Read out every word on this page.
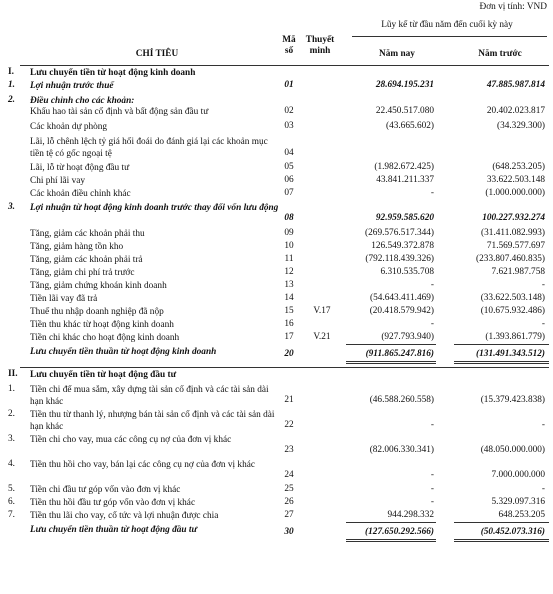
Đơn vị tính: VND
Lũy kế từ đầu năm đến cuối kỳ này
CHỈ TIÊU
Mã
số
Thuyết
minh	Năm nay	Năm trước
I.	Lưu chuyển tiền từ hoạt động kinh doanh
1.	Lợi nhuận trước thuế	01	28.694.195.231	47.885.987.814
2.	Điều chỉnh cho các khoản:
Khấu hao tài sản cố định và bất động sản đầu tư	02	22.450.517.080	20.402.023.817
Các khoản dự phòng	03	(43.665.602)	(34.329.300)
Lãi, lỗ chênh lệch tỷ giá hối đoái do đánh giá lại các khoản mục tiền tệ có gốc ngoại tệ	04
Lãi, lỗ từ hoạt động đầu tư	05	(1.982.672.425)	(648.253.205)
Chi phí lãi vay	06	43.841.211.337	33.622.503.148
Các khoản điều chỉnh khác	07	-	(1.000.000.000)
3.	Lợi nhuận từ hoạt động kinh doanh trước thay đổi vốn lưu động
08	92.959.585.620	100.227.932.274
Tăng, giảm các khoản phải thu	09	(269.576.517.344)	(31.411.082.993)
Tăng, giảm hàng tồn kho	10	126.549.372.878	71.569.577.697
Tăng, giảm các khoản phải trả	11	(792.118.439.326)	(233.807.460.835)
Tăng, giảm chi phí trả trước	12	6.310.535.708	7.621.987.758
Tăng, giảm chứng khoán kinh doanh	13	-	-
Tiền lãi vay đã trả	14	(54.643.411.469)	(33.622.503.148)
Thuế thu nhập doanh nghiệp đã nộp	15	V.17	(20.418.579.942)	(10.675.932.486)
Tiền thu khác từ hoạt động kinh doanh	16	-	-
Tiền chi khác cho hoạt động kinh doanh	17	V.21	(927.793.940)	(1.393.861.779)
Lưu chuyển tiền thuần từ hoạt động kinh doanh	20	(911.865.247.816)	(131.491.343.512)
II.	Lưu chuyển tiền từ hoạt động đầu tư
1.	Tiền chi để mua sắm, xây dựng tài sản cố định và các tài sản dài hạn khác	21	(46.588.260.558)	(15.379.423.838)
2.	Tiền thu từ thanh lý, nhượng bán tài sản cố định và các tài sản dài hạn khác	22	-	-
3.	Tiền chi cho vay, mua các công cụ nợ của đơn vị khác
23	(82.006.330.341)	(48.050.000.000)
4.	Tiền thu hồi cho vay, bán lại các công cụ nợ của đơn vị khác
24	-	7.000.000.000
5.	Tiền chi đầu tư góp vốn vào đơn vị khác	25	-	-
6.	Tiền thu hồi đầu tư góp vốn vào đơn vị khác	26	-	5.329.097.316
7.	Tiền thu lãi cho vay, cổ tức và lợi nhuận được chia	27	944.298.332	648.253.205
Lưu chuyển tiền thuần từ hoạt động đầu tư	30	(127.650.292.566)	(50.452.073.316)
